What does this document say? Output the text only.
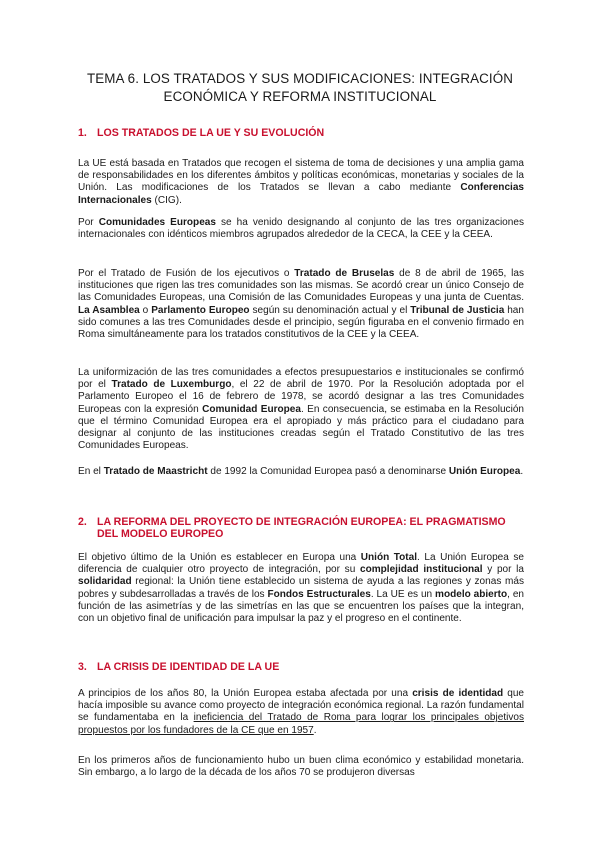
TEMA 6. LOS TRATADOS Y SUS MODIFICACIONES: INTEGRACIÓN
ECONÓMICA Y REFORMA INSTITUCIONAL
1. LOS TRATADOS DE LA UE Y SU EVOLUCIÓN

La UE está basada en Tratados que recogen el sistema de toma de decisiones y una amplia gama de responsabilidades en los diferentes ámbitos y políticas económicas, monetarias y sociales de la Unión. Las modificaciones de los Tratados se llevan a cabo mediante Conferencias Internacionales (CIG).

Por Comunidades Europeas se ha venido designando al conjunto de las tres organizaciones internacionales con idénticos miembros agrupados alrededor de la CECA, la CEE y la CEEA.

Por el Tratado de Fusión de los ejecutivos o Tratado de Bruselas de 8 de abril de 1965, las instituciones que rigen las tres comunidades son las mismas. Se acordó crear un único Consejo de las Comunidades Europeas, una Comisión de las Comunidades Europeas y una junta de Cuentas. La Asamblea o Parlamento Europeo según su denominación actual y el Tribunal de Justicia han sido comunes a las tres Comunidades desde el principio, según figuraba en el convenio firmado en Roma simultáneamente para los tratados constitutivos de la CEE y la CEEA.

La uniformización de las tres comunidades a efectos presupuestarios e institucionales se confirmó por el Tratado de Luxemburgo, el 22 de abril de 1970. Por la Resolución adoptada por el Parlamento Europeo el 16 de febrero de 1978, se acordó designar a las tres Comunidades Europeas con la expresión Comunidad Europea. En consecuencia, se estimaba en la Resolución que el término Comunidad Europea era el apropiado y más práctico para el ciudadano para designar al conjunto de las instituciones creadas según el Tratado Constitutivo de las tres Comunidades Europeas.

En el Tratado de Maastricht de 1992 la Comunidad Europea pasó a denominarse Unión Europea.

2. LA REFORMA DEL PROYECTO DE INTEGRACIÓN EUROPEA: EL PRAGMATISMO
DEL MODELO EUROPEO

El objetivo último de la Unión es establecer en Europa una Unión Total. La Unión Europea se diferencia de cualquier otro proyecto de integración, por su complejidad institucional y por la solidaridad regional: la Unión tiene establecido un sistema de ayuda a las regiones y zonas más pobres y subdesarrolladas a través de los Fondos Estructurales. La UE es un modelo abierto, en función de las asimetrías y de las simetrías en las que se encuentren los países que la integran, con un objetivo final de unificación para impulsar la paz y el progreso en el continente.

3. LA CRISIS DE IDENTIDAD DE LA UE

A principios de los años 80, la Unión Europea estaba afectada por una crisis de identidad que hacía imposible su avance como proyecto de integración económica regional. La razón fundamental se fundamentaba en la ineficiencia del Tratado de Roma para lograr los principales objetivos propuestos por los fundadores de la CE que en 1957.

En los primeros años de funcionamiento hubo un buen clima económico y estabilidad monetaria. Sin embargo, a lo largo de la década de los años 70 se produjeron diversas
